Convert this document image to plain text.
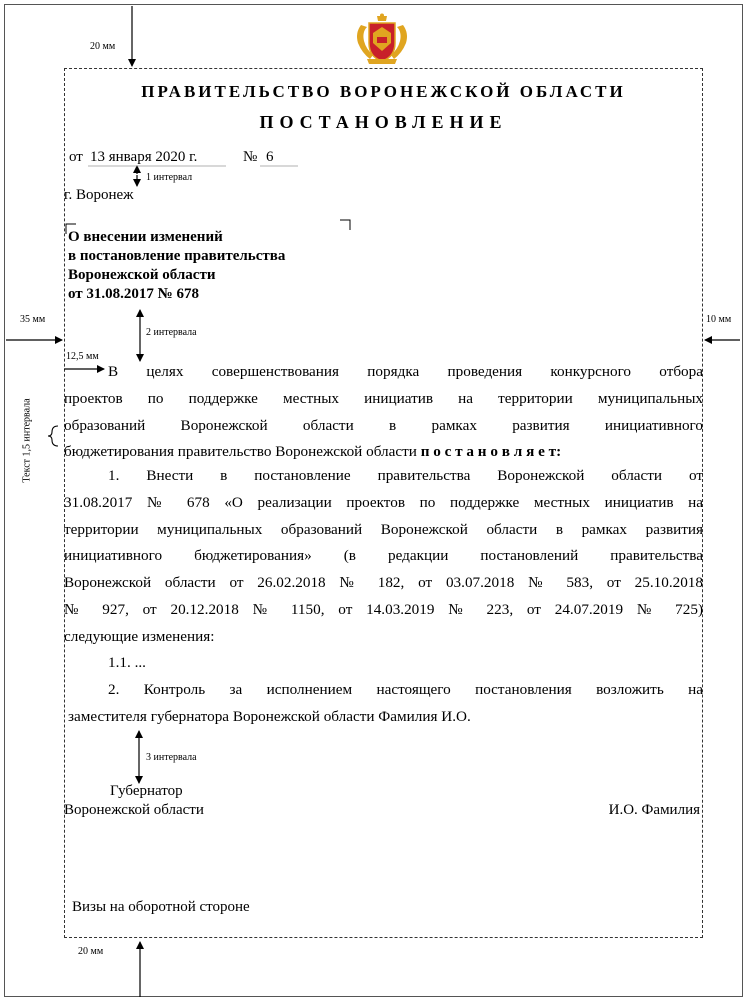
20 мм
35 мм	10 мм
20 мм
12,5 мм
1 интервал
2 интервала
3 интервала
Текст 1,5 интервала
ПРАВИТЕЛЬСТВО ВОРОНЕЖСКОЙ ОБЛАСТИ
ПОСТАНОВЛЕНИЕ
от 13 января 2020 г.	№ 6
г. Воронеж
О внесении изменений
в постановление правительства
Воронежской области
от 31.08.2017 № 678
В целях совершенствования порядка проведения конкурсного отбора
проектов по поддержке местных инициатив на территории муниципальных
образований Воронежской области в рамках развития инициативного
бюджетирования правительство Воронежской области п о с т а н о в л я е т:
1. Внести в постановление правительства Воронежской области от
31.08.2017 № 678 «О реализации проектов по поддержке местных инициатив на
территории муниципальных образований Воронежской области в рамках развития
инициативного бюджетирования» (в редакции постановлений правительства
Воронежской области от 26.02.2018 № 182, от 03.07.2018 № 583, от 25.10.2018
№ 927, от 20.12.2018 № 1150, от 14.03.2019 № 223, от 24.07.2019 № 725)
следующие изменения:
1.1. ...
2. Контроль за исполнением настоящего постановления возложить на
заместителя губернатора Воронежской области Фамилия И.О.
Губернатор
Воронежской области	И.О. Фамилия
Визы на оборотной стороне
